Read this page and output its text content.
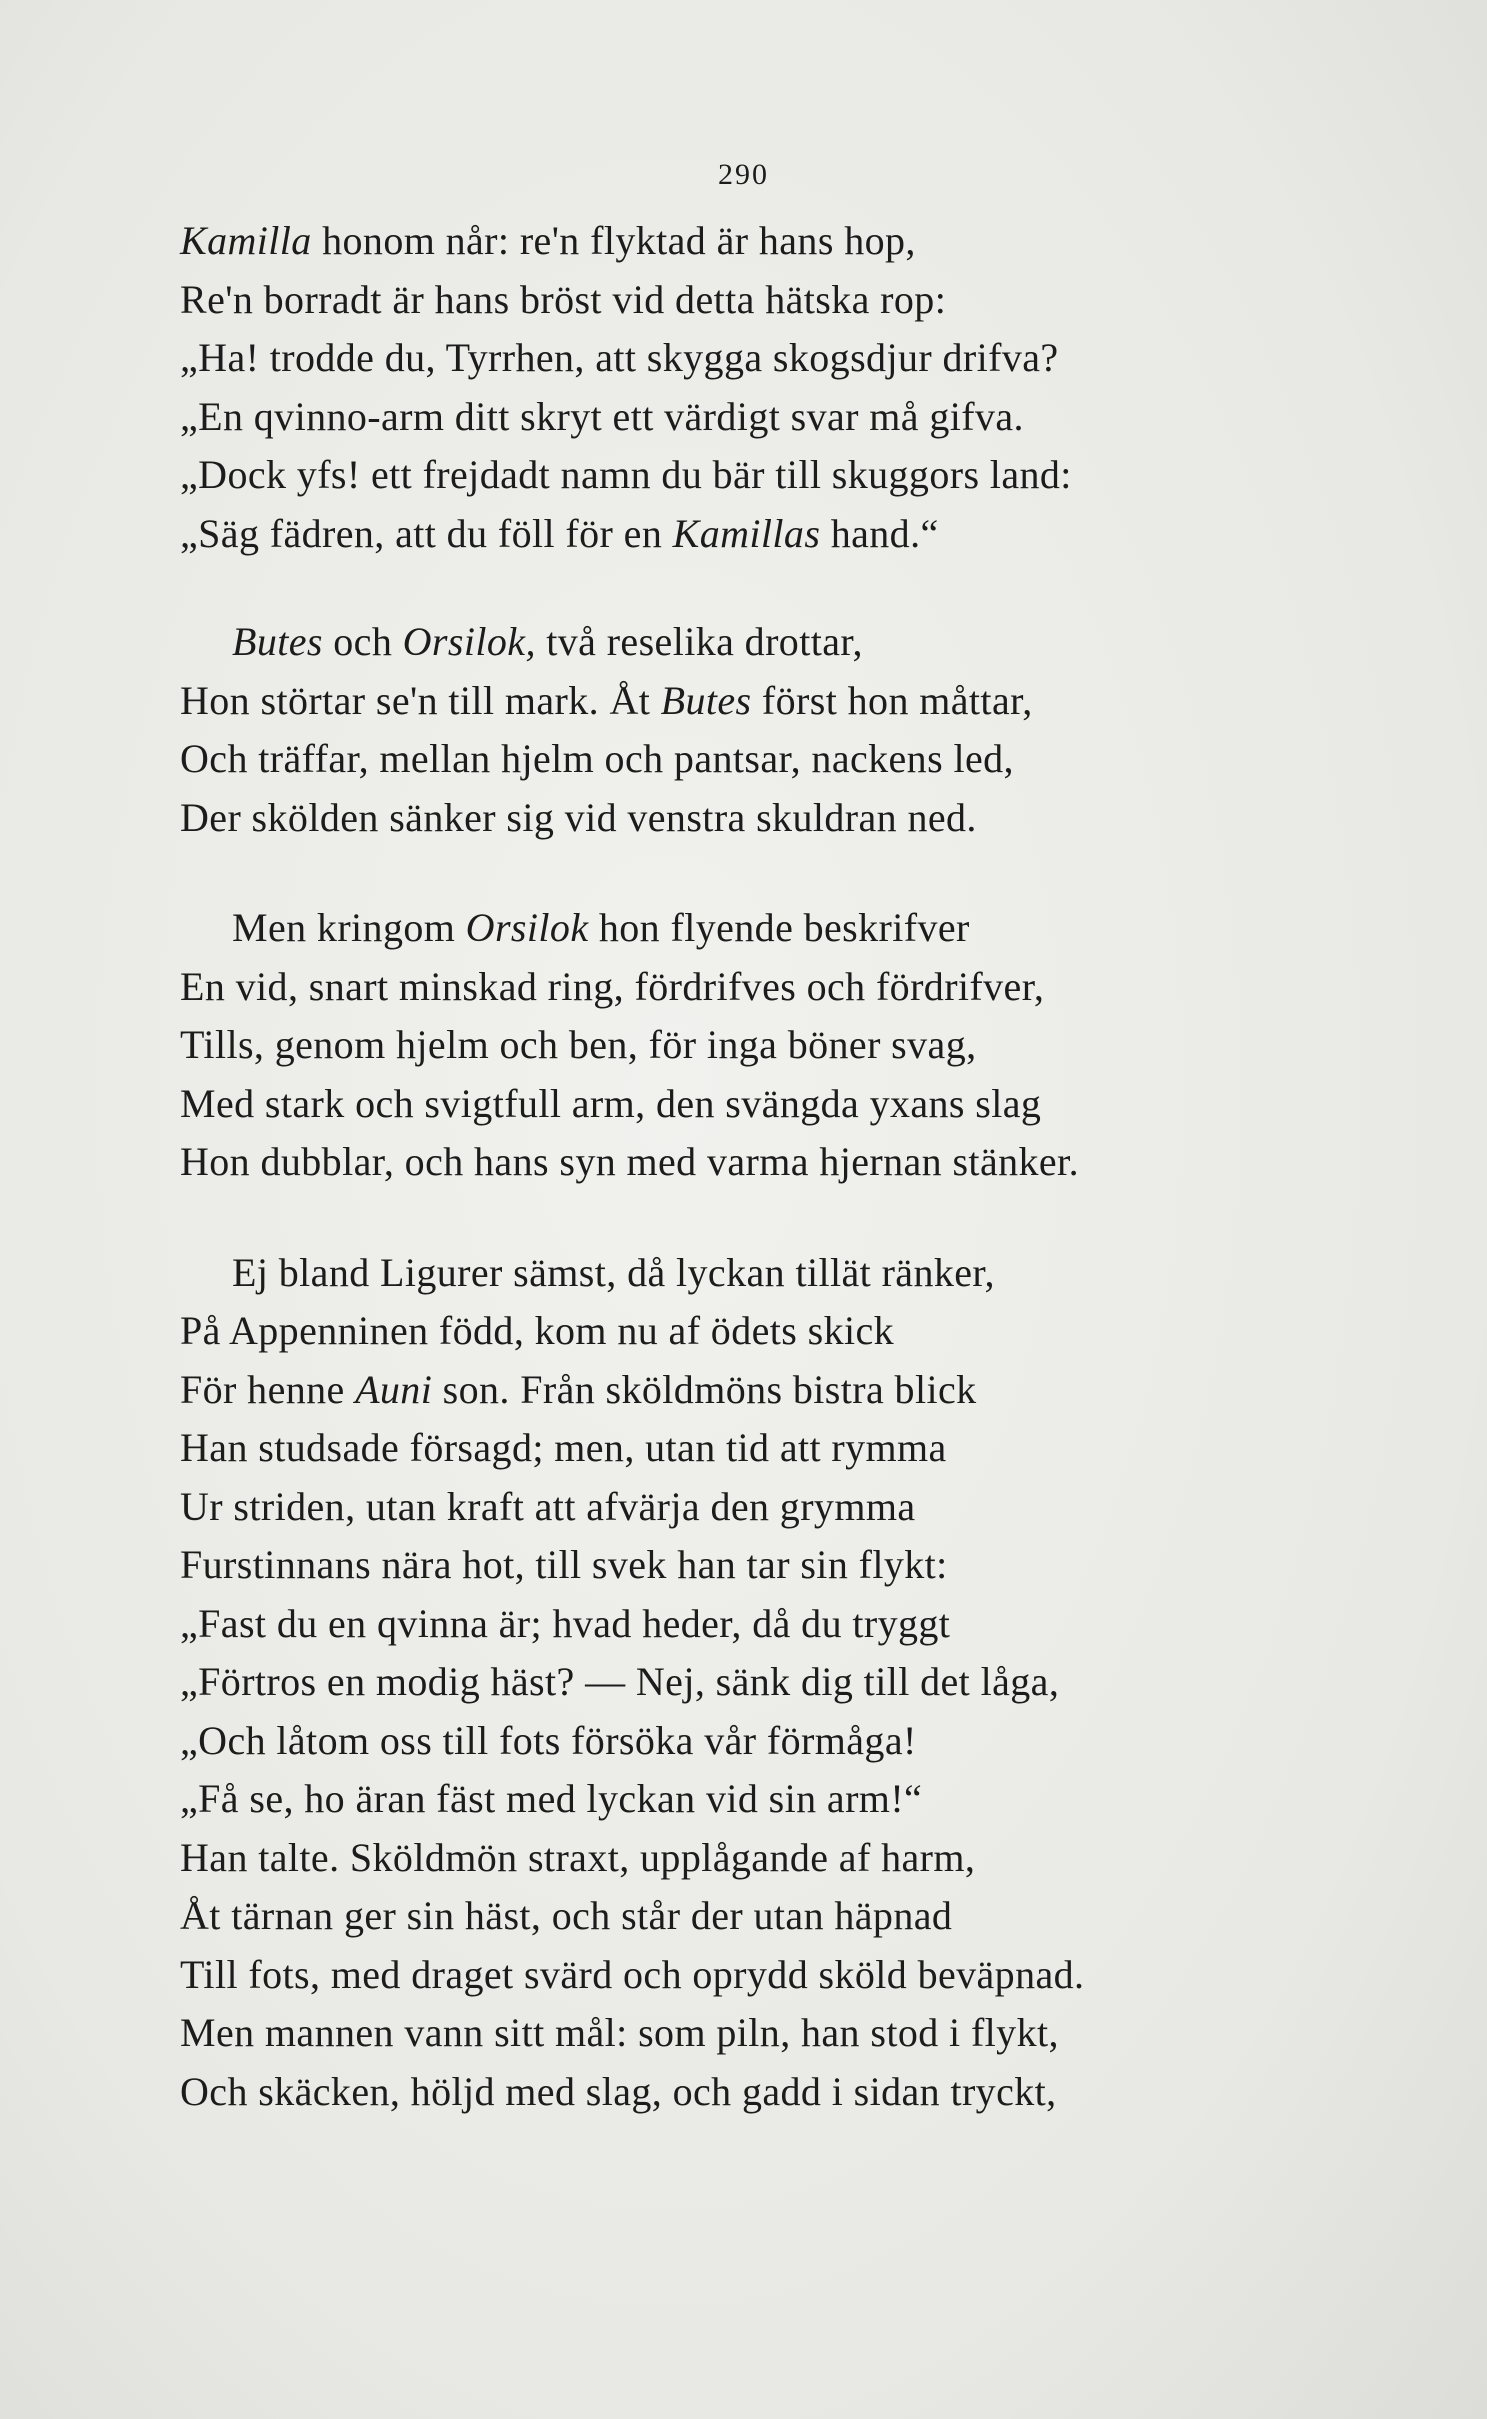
290
Kamilla honom når: re'n flyktad är hans hop,
Re'n borradt är hans bröst vid detta hätska rop:
„Ha! trodde du, Tyrrhen, att skygga skogsdjur drifva?
„En qvinno-arm ditt skryt ett värdigt svar må gifva.
„Dock yfs! ett frejdadt namn du bär till skuggors land:
„Säg fädren, att du föll för en Kamillas hand.“
Butes och Orsilok, två reselika drottar,
Hon störtar se'n till mark. Åt Butes först hon måttar,
Och träffar, mellan hjelm och pantsar, nackens led,
Der skölden sänker sig vid venstra skuldran ned.
Men kringom Orsilok hon flyende beskrifver
En vid, snart minskad ring, fördrifves och fördrifver,
Tills, genom hjelm och ben, för inga böner svag,
Med stark och svigtfull arm, den svängda yxans slag
Hon dubblar, och hans syn med varma hjernan stänker.
Ej bland Ligurer sämst, då lyckan tillät ränker,
På Appenninen född, kom nu af ödets skick
För henne Auni son. Från sköldmöns bistra blick
Han studsade försagd; men, utan tid att rymma
Ur striden, utan kraft att afvärja den grymma
Furstinnans nära hot, till svek han tar sin flykt:
„Fast du en qvinna är; hvad heder, då du tryggt
„Förtros en modig häst? — Nej, sänk dig till det låga,
„Och låtom oss till fots försöka vår förmåga!
„Få se, ho äran fäst med lyckan vid sin arm!“
Han talte. Sköldmön straxt, upplågande af harm,
Åt tärnan ger sin häst, och står der utan häpnad
Till fots, med draget svärd och oprydd sköld beväpnad.
Men mannen vann sitt mål: som piln, han stod i flykt,
Och skäcken, höljd med slag, och gadd i sidan tryckt,
